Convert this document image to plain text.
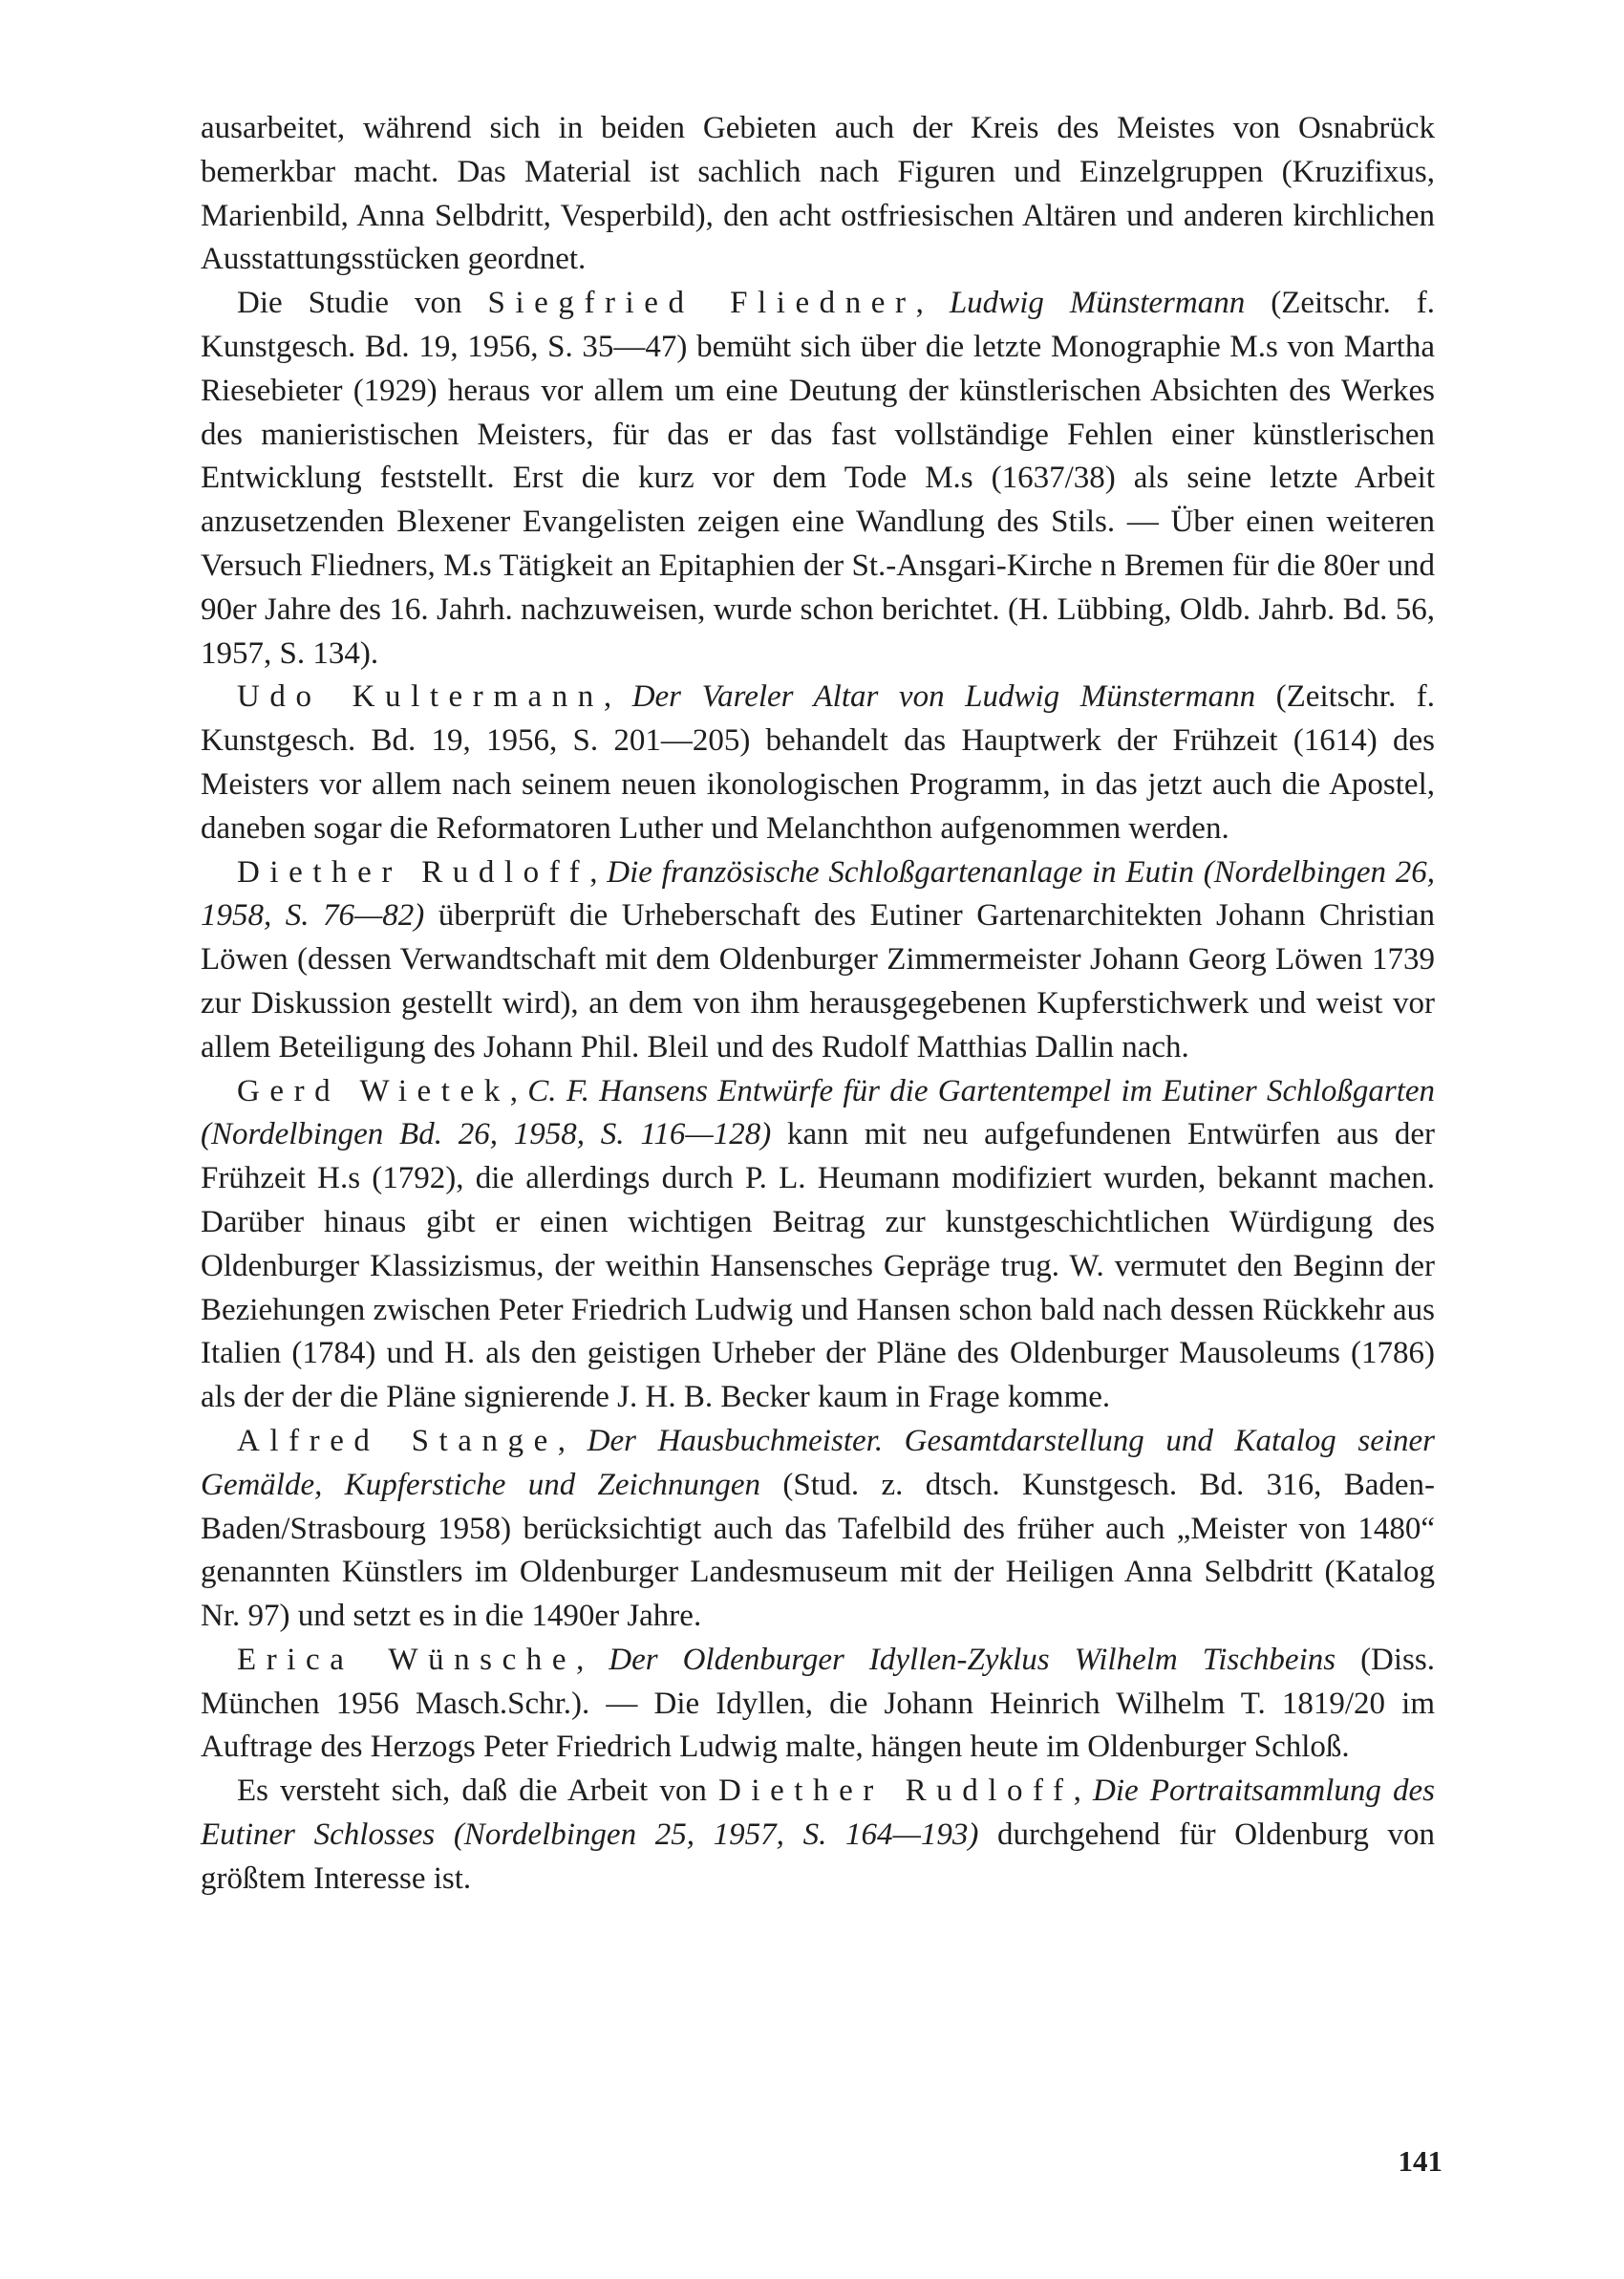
ausarbeitet, während sich in beiden Gebieten auch der Kreis des Meistes von Osnabrück bemerkbar macht. Das Material ist sachlich nach Figuren und Einzelgruppen (Kruzifixus, Marienbild, Anna Selbdritt, Vesperbild), den acht ostfriesischen Altären und anderen kirchlichen Ausstattungsstücken geordnet.

Die Studie von Siegfried Fliedner, Ludwig Münstermann (Zeitschr. f. Kunstgesch. Bd. 19, 1956, S. 35—47) bemüht sich über die letzte Monographie M.s von Martha Riesebieter (1929) heraus vor allem um eine Deutung der künstlerischen Absichten des Werkes des manieristischen Meisters, für das er das fast vollständige Fehlen einer künstlerischen Entwicklung feststellt. Erst die kurz vor dem Tode M.s (1637/38) als seine letzte Arbeit anzusetzenden Blexener Evangelisten zeigen eine Wandlung des Stils. — Über einen weiteren Versuch Fliedners, M.s Tätigkeit an Epitaphien der St.-Ansgari-Kirche n Bremen für die 80er und 90er Jahre des 16. Jahrh. nachzuweisen, wurde schon berichtet. (H. Lübbing, Oldb. Jahrb. Bd. 56, 1957, S. 134).

Udo Kultermann, Der Vareler Altar von Ludwig Münstermann (Zeitschr. f. Kunstgesch. Bd. 19, 1956, S. 201—205) behandelt das Hauptwerk der Frühzeit (1614) des Meisters vor allem nach seinem neuen ikonologischen Programm, in das jetzt auch die Apostel, daneben sogar die Reformatoren Luther und Melanchthon aufgenommen werden.

Diether Rudloff, Die französische Schloßgartenanlage in Eutin (Nordelbingen 26, 1958, S. 76—82) überprüft die Urheberschaft des Eutiner Gartenarchitekten Johann Christian Löwen (dessen Verwandtschaft mit dem Oldenburger Zimmermeister Johann Georg Löwen 1739 zur Diskussion gestellt wird), an dem von ihm herausgegebenen Kupferstichwerk und weist vor allem Beteiligung des Johann Phil. Bleil und des Rudolf Matthias Dallin nach.

Gerd Wietek, C. F. Hansens Entwürfe für die Gartentempel im Eutiner Schloßgarten (Nordelbingen Bd. 26, 1958, S. 116—128) kann mit neu aufgefundenen Entwürfen aus der Frühzeit H.s (1792), die allerdings durch P. L. Heumann modifiziert wurden, bekannt machen. Darüber hinaus gibt er einen wichtigen Beitrag zur kunstgeschichtlichen Würdigung des Oldenburger Klassizismus, der weithin Hansensches Gepräge trug. W. vermutet den Beginn der Beziehungen zwischen Peter Friedrich Ludwig und Hansen schon bald nach dessen Rückkehr aus Italien (1784) und H. als den geistigen Urheber der Pläne des Oldenburger Mausoleums (1786) als der der die Pläne signierende J. H. B. Becker kaum in Frage komme.

Alfred Stange, Der Hausbuchmeister. Gesamtdarstellung und Katalog seiner Gemälde, Kupferstiche und Zeichnungen (Stud. z. dtsch. Kunstgesch. Bd. 316, Baden-Baden/Strasbourg 1958) berücksichtigt auch das Tafelbild des früher auch „Meister von 1480“ genannten Künstlers im Oldenburger Landesmuseum mit der Heiligen Anna Selbdritt (Katalog Nr. 97) und setzt es in die 1490er Jahre.

Erica Wünsche, Der Oldenburger Idyllen-Zyklus Wilhelm Tischbeins (Diss. München 1956 Masch.Schr.). — Die Idyllen, die Johann Heinrich Wilhelm T. 1819/20 im Auftrage des Herzogs Peter Friedrich Ludwig malte, hängen heute im Oldenburger Schloß.

Es versteht sich, daß die Arbeit von Diether Rudloff, Die Portraitsammlung des Eutiner Schlosses (Nordelbingen 25, 1957, S. 164—193) durchgehend für Oldenburg von größtem Interesse ist.

141
